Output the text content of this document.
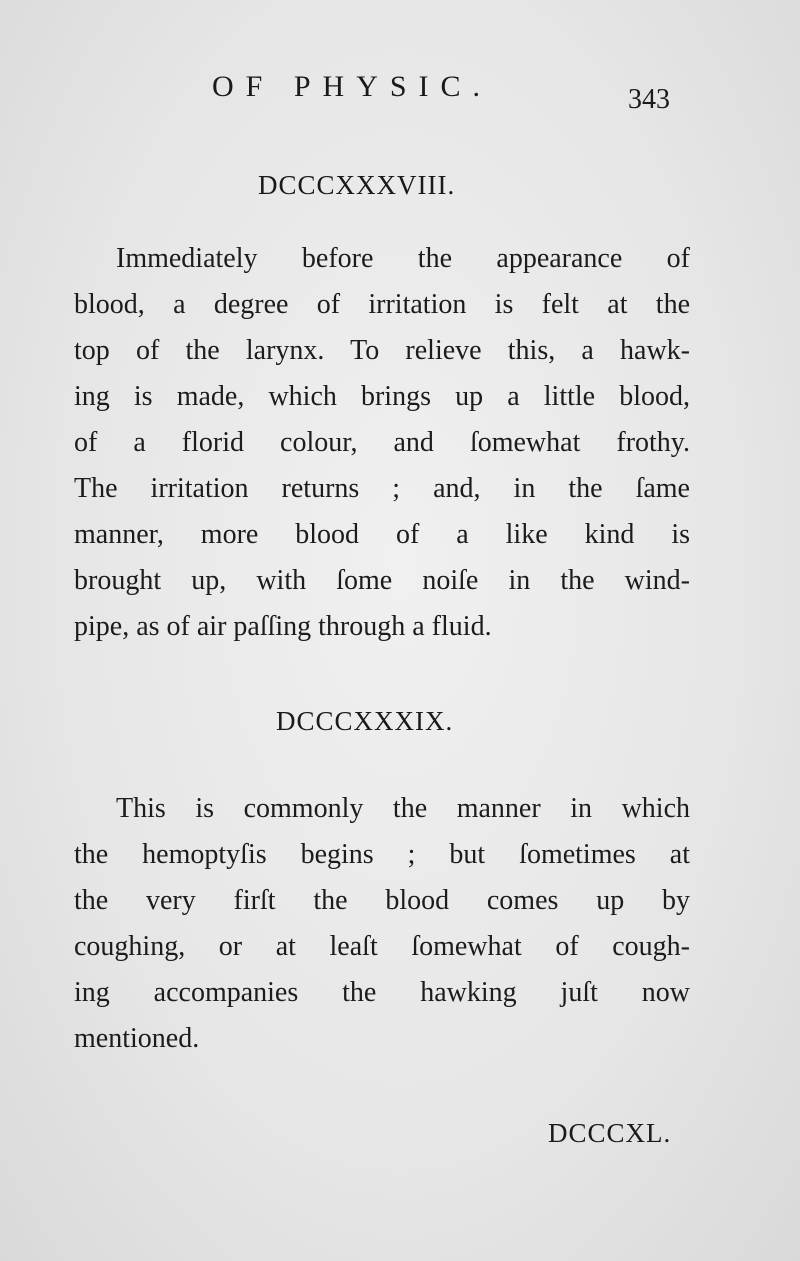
OF PHYSIC.	343
DCCCXXXVIII.
Immediately before the appearance of
blood, a degree of irritation is felt at the
top of the larynx. To relieve this, a hawk-
ing is made, which brings up a little blood,
of a florid colour, and ſomewhat frothy.
The irritation returns ; and, in the ſame
manner, more blood of a like kind is
brought up, with ſome noiſe in the wind-
pipe, as of air paſſing through a fluid.
DCCCXXXIX.
This is commonly the manner in which
the hemoptyſis begins ; but ſometimes at
the very firſt the blood comes up by
coughing, or at leaſt ſomewhat of cough-
ing accompanies the hawking juſt now
mentioned.
DCCCXL.
